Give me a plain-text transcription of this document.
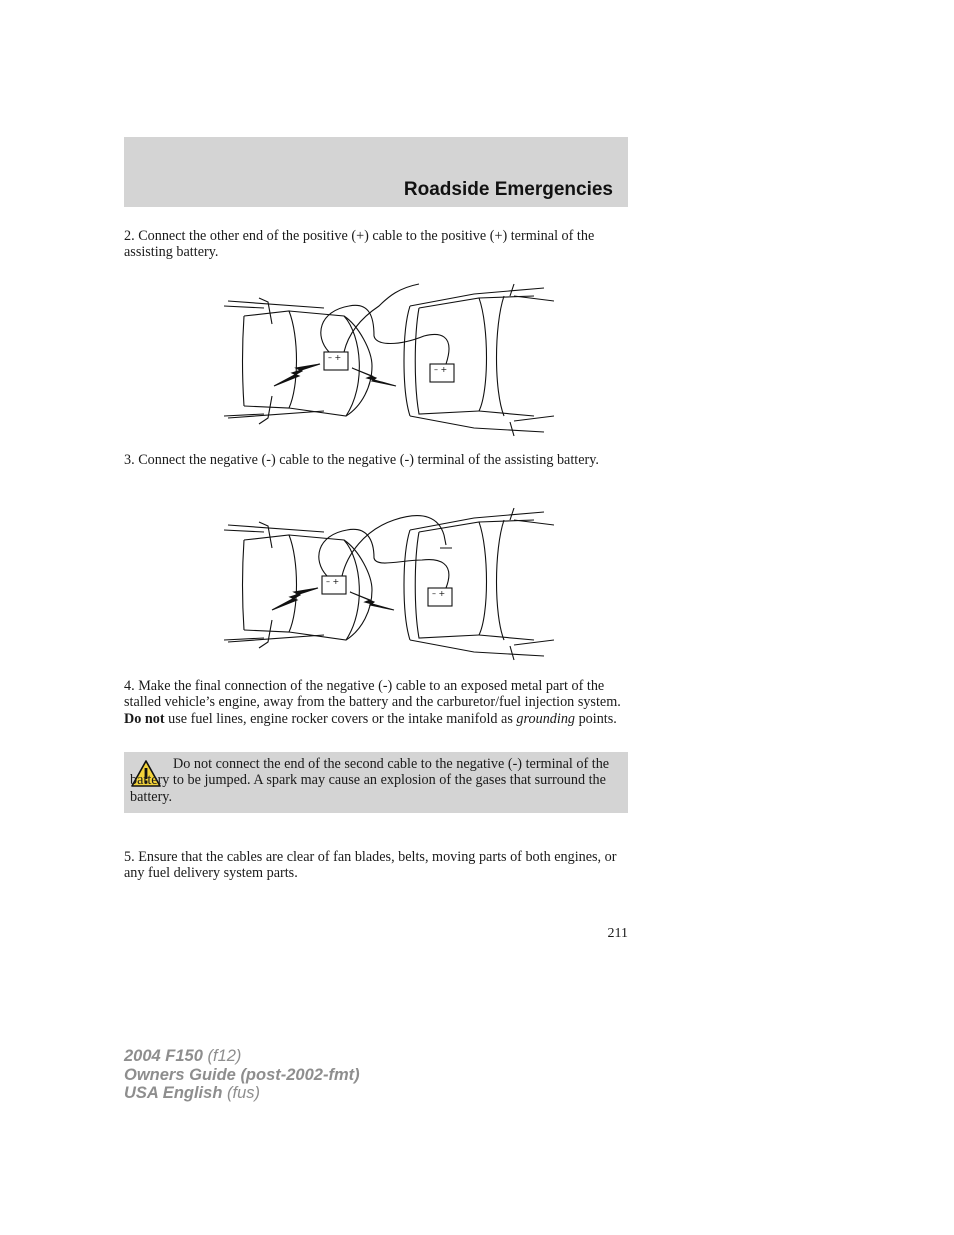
Roadside Emergencies

2. Connect the other end of the positive (+) cable to the positive (+) terminal of the assisting battery.

– +
– +

3. Connect the negative (-) cable to the negative (-) terminal of the assisting battery.

– +
– +

4. Make the final connection of the negative (-) cable to an exposed metal part of the stalled vehicle’s engine, away from the battery and the carburetor/fuel injection system. Do not use fuel lines, engine rocker covers or the intake manifold as grounding points.

Do not connect the end of the second cable to the negative (-) terminal of the battery to be jumped. A spark may cause an explosion of the gases that surround the battery.

5. Ensure that the cables are clear of fan blades, belts, moving parts of both engines, or any fuel delivery system parts.

211
2004 F150 (f12)
Owners Guide (post-2002-fmt)
USA English (fus)
